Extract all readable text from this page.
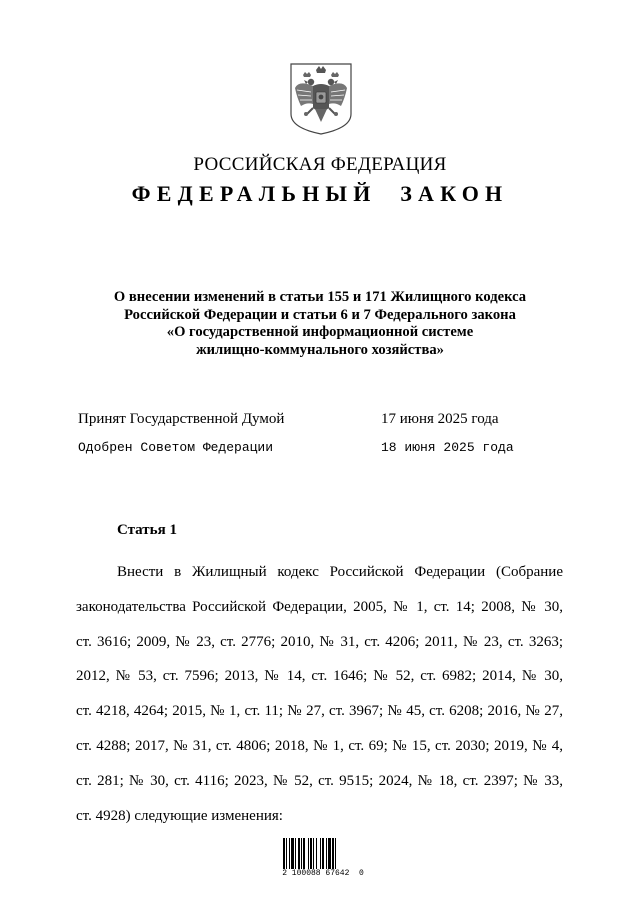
РОССИЙСКАЯ ФЕДЕРАЦИЯ
ФЕДЕРАЛЬНЫЙ ЗАКОН
О внесении изменений в статьи 155 и 171 Жилищного кодекса
Российской Федерации и статьи 6 и 7 Федерального закона
«О государственной информационной системе
жилищно-коммунального хозяйства»
Принят Государственной Думой	17 июня 2025 года
Одобрен Советом Федерации	18 июня 2025 года
Статья 1
Внести в Жилищный кодекс Российской Федерации (Собрание
законодательства Российской Федерации, 2005, № 1, ст. 14; 2008, № 30,
ст. 3616; 2009, № 23, ст. 2776; 2010, № 31, ст. 4206; 2011, № 23, ст. 3263;
2012, № 53, ст. 7596; 2013, № 14, ст. 1646; № 52, ст. 6982; 2014, № 30,
ст. 4218, 4264; 2015, № 1, ст. 11; № 27, ст. 3967; № 45, ст. 6208; 2016, № 27,
ст. 4288; 2017, № 31, ст. 4806; 2018, № 1, ст. 69; № 15, ст. 2030; 2019, № 4,
ст. 281; № 30, ст. 4116; 2023, № 52, ст. 9515; 2024, № 18, ст. 2397; № 33,
ст. 4928) следующие изменения:
2 100088 67642  0
